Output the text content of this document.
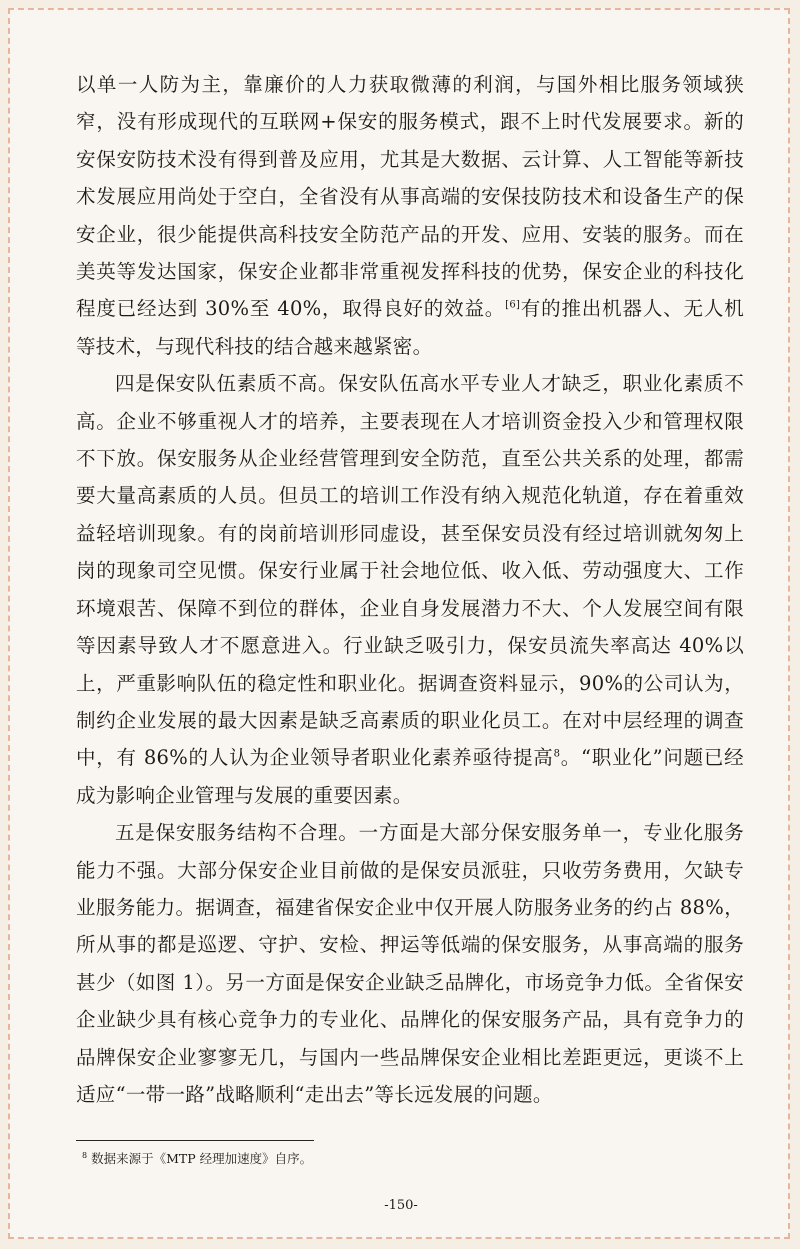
以单一人防为主，靠廉价的人力获取微薄的利润，与国外相比服务领域狭窄，没有形成现代的互联网+保安的服务模式，跟不上时代发展要求。新的安保安防技术没有得到普及应用，尤其是大数据、云计算、人工智能等新技术发展应用尚处于空白，全省没有从事高端的安保技防技术和设备生产的保安企业，很少能提供高科技安全防范产品的开发、应用、安装的服务。而在美英等发达国家，保安企业都非常重视发挥科技的优势，保安企业的科技化程度已经达到 30%至 40%，取得良好的效益。[6]有的推出机器人、无人机等技术，与现代科技的结合越来越紧密。

四是保安队伍素质不高。保安队伍高水平专业人才缺乏，职业化素质不高。企业不够重视人才的培养，主要表现在人才培训资金投入少和管理权限不下放。保安服务从企业经营管理到安全防范，直至公共关系的处理，都需要大量高素质的人员。但员工的培训工作没有纳入规范化轨道，存在着重效益轻培训现象。有的岗前培训形同虚设，甚至保安员没有经过培训就匆匆上岗的现象司空见惯。保安行业属于社会地位低、收入低、劳动强度大、工作环境艰苦、保障不到位的群体，企业自身发展潜力不大、个人发展空间有限等因素导致人才不愿意进入。行业缺乏吸引力，保安员流失率高达 40%以上，严重影响队伍的稳定性和职业化。据调查资料显示，90%的公司认为，制约企业发展的最大因素是缺乏高素质的职业化员工。在对中层经理的调查中，有 86%的人认为企业领导者职业化素养亟待提高$^8$。“职业化”问题已经成为影响企业管理与发展的重要因素。

五是保安服务结构不合理。一方面是大部分保安服务单一，专业化服务能力不强。大部分保安企业目前做的是保安员派驻，只收劳务费用，欠缺专业服务能力。据调查，福建省保安企业中仅开展人防服务业务的约占 88%，所从事的都是巡逻、守护、安检、押运等低端的保安服务，从事高端的服务甚少（如图 1）。另一方面是保安企业缺乏品牌化，市场竞争力低。全省保安企业缺少具有核心竞争力的专业化、品牌化的保安服务产品，具有竞争力的品牌保安企业寥寥无几，与国内一些品牌保安企业相比差距更远，更谈不上适应“一带一路”战略顺利“走出去”等长远发展的问题。

$^8$ 数据来源于《MTP 经理加速度》自序。
-150-
